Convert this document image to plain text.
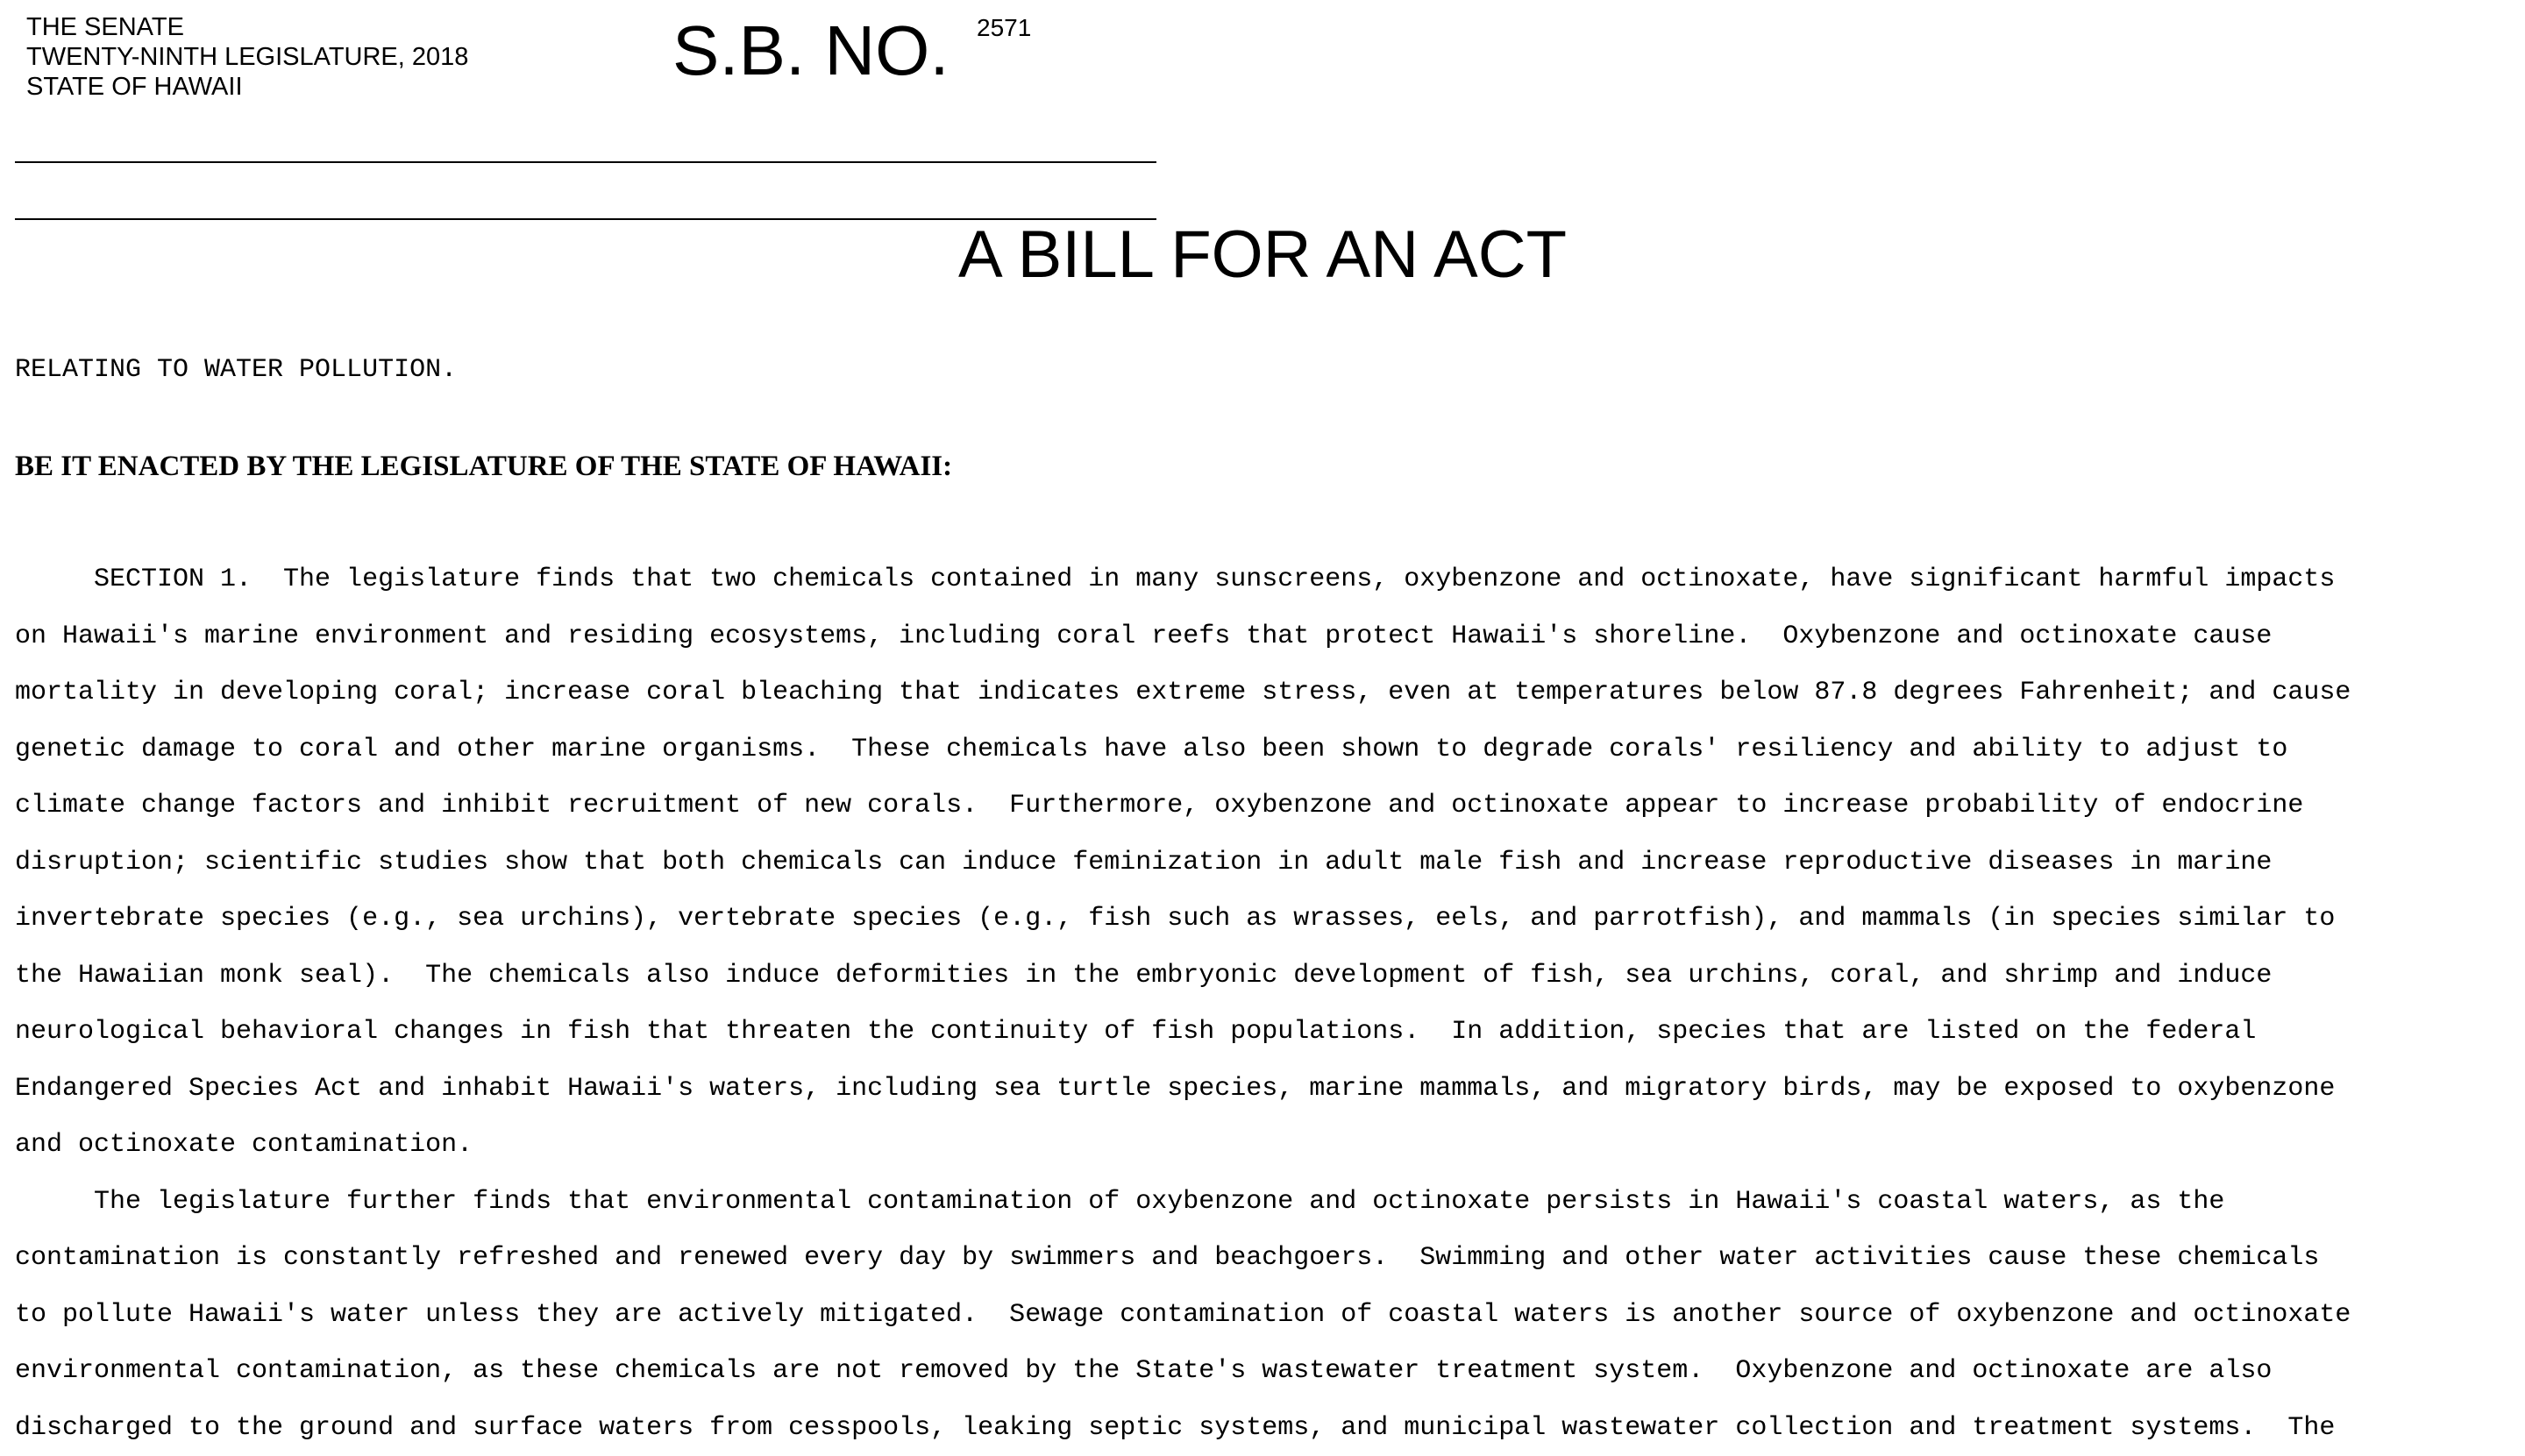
THE SENATE
TWENTY-NINTH LEGISLATURE, 2018
STATE OF HAWAII	S.B. NO. 2571
A BILL FOR AN ACT
RELATING TO WATER POLLUTION.
BE IT ENACTED BY THE LEGISLATURE OF THE STATE OF HAWAII:
SECTION 1.  The legislature finds that two chemicals contained in many sunscreens, oxybenzone and octinoxate, have significant harmful impacts
on Hawaii's marine environment and residing ecosystems, including coral reefs that protect Hawaii's shoreline.  Oxybenzone and octinoxate cause
mortality in developing coral; increase coral bleaching that indicates extreme stress, even at temperatures below 87.8 degrees Fahrenheit; and cause
genetic damage to coral and other marine organisms.  These chemicals have also been shown to degrade corals' resiliency and ability to adjust to
climate change factors and inhibit recruitment of new corals.  Furthermore, oxybenzone and octinoxate appear to increase probability of endocrine
disruption; scientific studies show that both chemicals can induce feminization in adult male fish and increase reproductive diseases in marine
invertebrate species (e.g., sea urchins), vertebrate species (e.g., fish such as wrasses, eels, and parrotfish), and mammals (in species similar to
the Hawaiian monk seal).  The chemicals also induce deformities in the embryonic development of fish, sea urchins, coral, and shrimp and induce
neurological behavioral changes in fish that threaten the continuity of fish populations.  In addition, species that are listed on the federal
Endangered Species Act and inhabit Hawaii's waters, including sea turtle species, marine mammals, and migratory birds, may be exposed to oxybenzone
and octinoxate contamination.
The legislature further finds that environmental contamination of oxybenzone and octinoxate persists in Hawaii's coastal waters, as the
contamination is constantly refreshed and renewed every day by swimmers and beachgoers.  Swimming and other water activities cause these chemicals
to pollute Hawaii's water unless they are actively mitigated.  Sewage contamination of coastal waters is another source of oxybenzone and octinoxate
environmental contamination, as these chemicals are not removed by the State's wastewater treatment system.  Oxybenzone and octinoxate are also
discharged to the ground and surface waters from cesspools, leaking septic systems, and municipal wastewater collection and treatment systems.  The
